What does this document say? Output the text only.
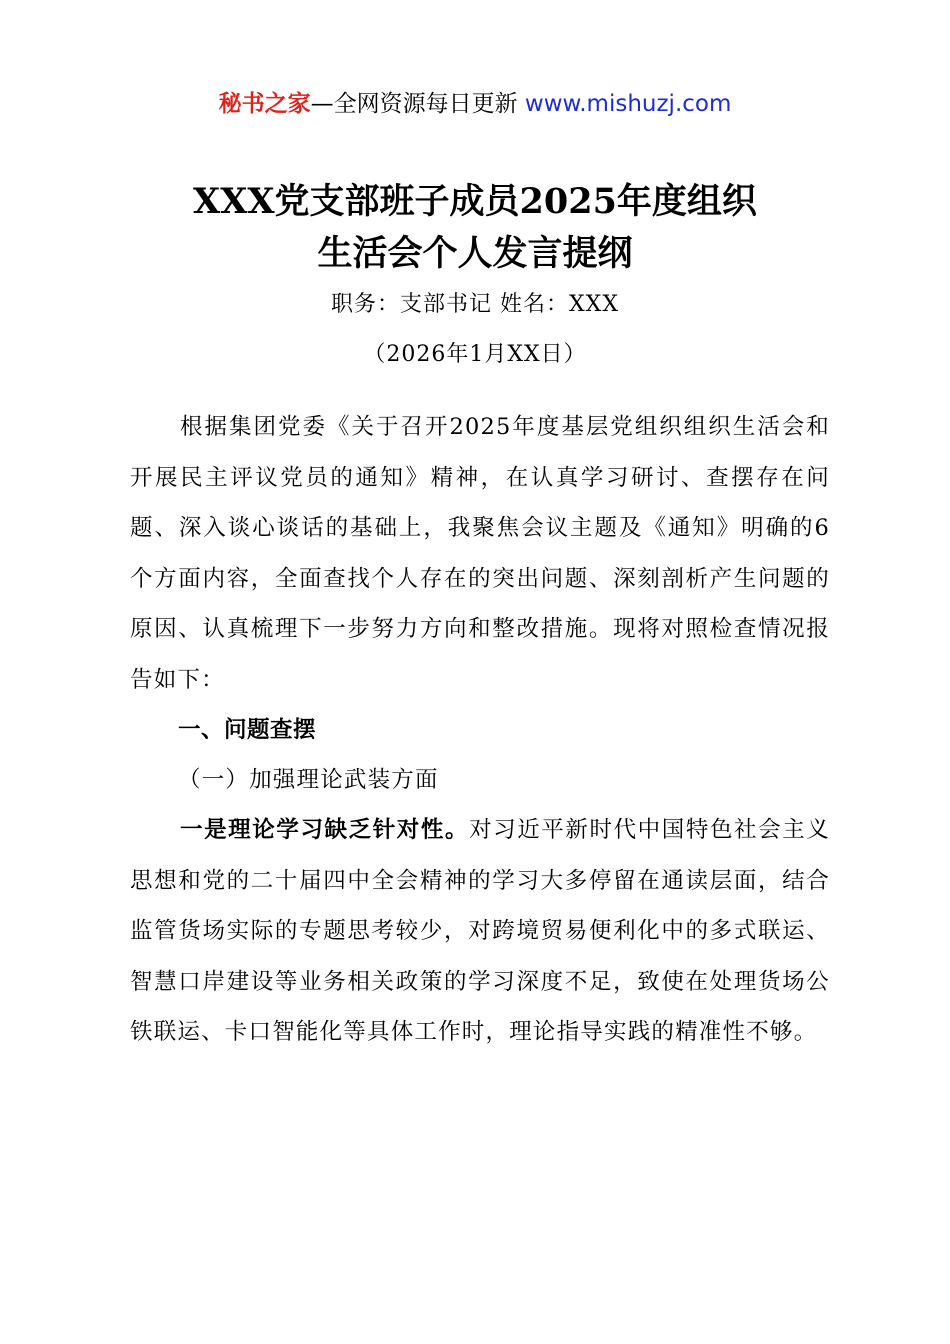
秘书之家—全网资源每日更新 www.mishuzj.com
XXX党支部班子成员2025年度组织
生活会个人发言提纲
职务：支部书记 姓名：XXX
（2026年1月XX日）

根据集团党委《关于召开2025年度基层党组织组织生活会和开展民主评议党员的通知》精神，在认真学习研讨、查摆存在问题、深入谈心谈话的基础上，我聚焦会议主题及《通知》明确的6个方面内容，全面查找个人存在的突出问题、深刻剖析产生问题的原因、认真梳理下一步努力方向和整改措施。现将对照检查情况报告如下：

一、问题查摆

（一）加强理论武装方面

一是理论学习缺乏针对性。对习近平新时代中国特色社会主义思想和党的二十届四中全会精神的学习大多停留在通读层面，结合监管货场实际的专题思考较少，对跨境贸易便利化中的多式联运、智慧口岸建设等业务相关政策的学习深度不足，致使在处理货场公铁联运、卡口智能化等具体工作时，理论指导实践的精准性不够。
